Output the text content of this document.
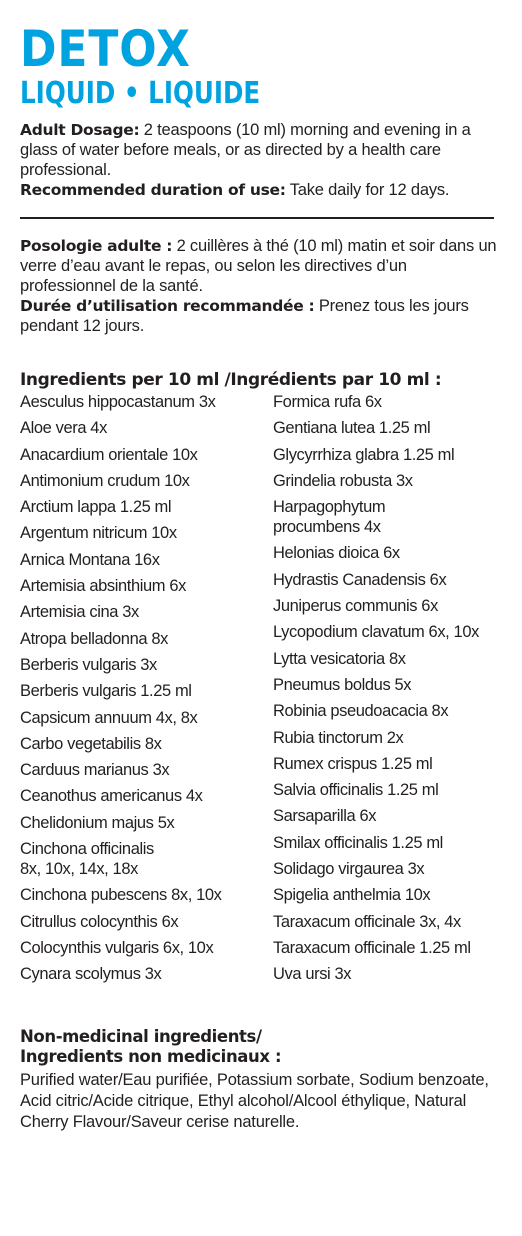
DETOX
LIQUID • LIQUIDE

Adult Dosage: 2 teaspoons (10 ml) morning and evening in a glass of water before meals, or as directed by a health care professional.

Recommended duration of use: Take daily for 12 days.

Posologie adulte : 2 cuillères à thé (10 ml) matin et soir dans un verre d’eau avant le repas, ou selon les directives d’un professionnel de la santé.

Durée d’utilisation recommandée : Prenez tous les jours pendant 12 jours.

Ingredients per 10 ml /Ingrédients par 10 ml :
Aesculus hippocastanum 3x
Aloe vera 4x
Anacardium orientale 10x
Antimonium crudum 10x
Arctium lappa 1.25 ml
Argentum nitricum 10x
Arnica Montana 16x
Artemisia absinthium 6x
Artemisia cina 3x
Atropa belladonna 8x
Berberis vulgaris 3x
Berberis vulgaris 1.25 ml
Capsicum annuum 4x, 8x
Carbo vegetabilis 8x
Carduus marianus 3x
Ceanothus americanus 4x
Chelidonium majus 5x
Cinchona officinalis
8x, 10x, 14x, 18x
Cinchona pubescens 8x, 10x
Citrullus colocynthis 6x
Colocynthis vulgaris 6x, 10x
Cynara scolymus 3x
Formica rufa 6x
Gentiana lutea 1.25 ml
Glycyrrhiza glabra 1.25 ml
Grindelia robusta 3x
Harpagophytum
procumbens 4x
Helonias dioica 6x
Hydrastis Canadensis 6x
Juniperus communis 6x
Lycopodium clavatum 6x, 10x
Lytta vesicatoria 8x
Pneumus boldus 5x
Robinia pseudoacacia 8x
Rubia tinctorum 2x
Rumex crispus 1.25 ml
Salvia officinalis 1.25 ml
Sarsaparilla 6x
Smilax officinalis 1.25 ml
Solidago virgaurea 3x
Spigelia anthelmia 10x
Taraxacum officinale 3x, 4x
Taraxacum officinale 1.25 ml
Uva ursi 3x
Non-medicinal ingredients/
Ingredients non medicinaux :

Purified water/Eau purifiée, Potassium sorbate, Sodium benzoate, Acid citric/Acide citrique, Ethyl alcohol/Alcool éthylique, Natural Cherry Flavour/Saveur cerise naturelle.
